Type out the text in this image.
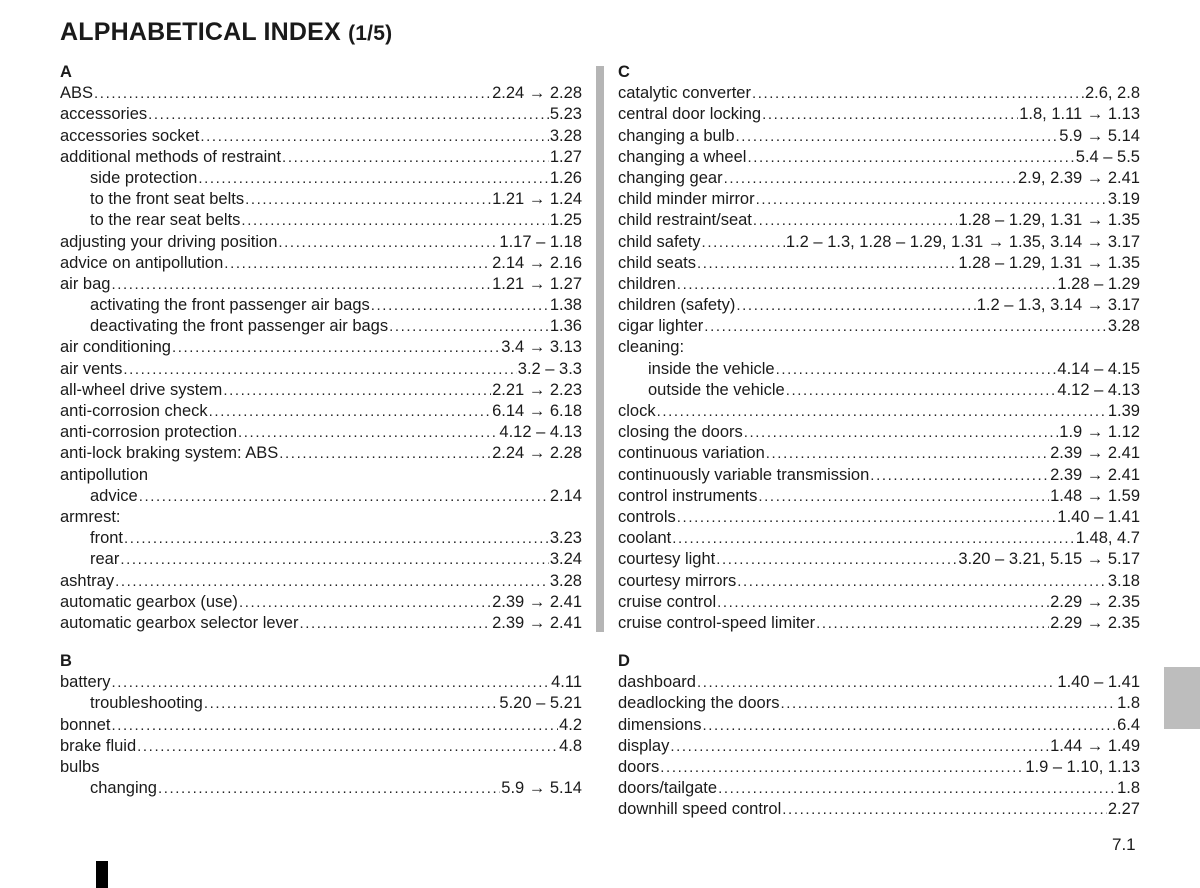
ALPHABETICAL INDEX (1/5)
A
ABS .....	2.24 → 2.28
accessories .....	5.23
accessories socket .....	3.28
additional methods of restraint .....	1.27
side protection .....	1.26
to the front seat belts .....	1.21 → 1.24
to the rear seat belts .....	1.25
adjusting your driving position .....	1.17 – 1.18
advice on antipollution .....	2.14 → 2.16
air bag .....	1.21 → 1.27
activating the front passenger air bags .....	1.38
deactivating the front passenger air bags .....	1.36
air conditioning .....	3.4 → 3.13
air vents .....	3.2 – 3.3
all-wheel drive system .....	2.21 → 2.23
anti-corrosion check .....	6.14 → 6.18
anti-corrosion protection .....	4.12 – 4.13
anti-lock braking system: ABS .....	2.24 → 2.28
antipollution
advice .....	2.14
armrest:
front .....	3.23
rear .....	3.24
ashtray .....	3.28
automatic gearbox (use) .....	2.39 → 2.41
automatic gearbox selector lever .....	2.39 → 2.41
B
battery .....	4.11
troubleshooting .....	5.20 – 5.21
bonnet .....	4.2
brake fluid .....	4.8
bulbs
changing .....	5.9 → 5.14
C
catalytic converter .....	2.6, 2.8
central door locking .....	1.8, 1.11 → 1.13
changing a bulb .....	5.9 → 5.14
changing a wheel .....	5.4 – 5.5
changing gear .....	2.9, 2.39 → 2.41
child minder mirror .....	3.19
child restraint/seat .....	1.28 – 1.29, 1.31 → 1.35
child safety .....	1.2 – 1.3, 1.28 – 1.29, 1.31 → 1.35, 3.14 → 3.17
child seats .....	1.28 – 1.29, 1.31 → 1.35
children .....	1.28 – 1.29
children (safety) .....	1.2 – 1.3, 3.14 → 3.17
cigar lighter .....	3.28
cleaning:
inside the vehicle .....	4.14 – 4.15
outside the vehicle .....	4.12 – 4.13
clock .....	1.39
closing the doors .....	1.9 → 1.12
continuous variation .....	2.39 → 2.41
continuously variable transmission .....	2.39 → 2.41
control instruments .....	1.48 → 1.59
controls .....	1.40 – 1.41
coolant .....	1.48, 4.7
courtesy light .....	3.20 – 3.21, 5.15 → 5.17
courtesy mirrors .....	3.18
cruise control .....	2.29 → 2.35
cruise control-speed limiter .....	2.29 → 2.35
D
dashboard .....	1.40 – 1.41
deadlocking the doors .....	1.8
dimensions .....	6.4
display .....	1.44 → 1.49
doors .....	1.9 – 1.10, 1.13
doors/tailgate .....	1.8
downhill speed control .....	2.27
7.1
